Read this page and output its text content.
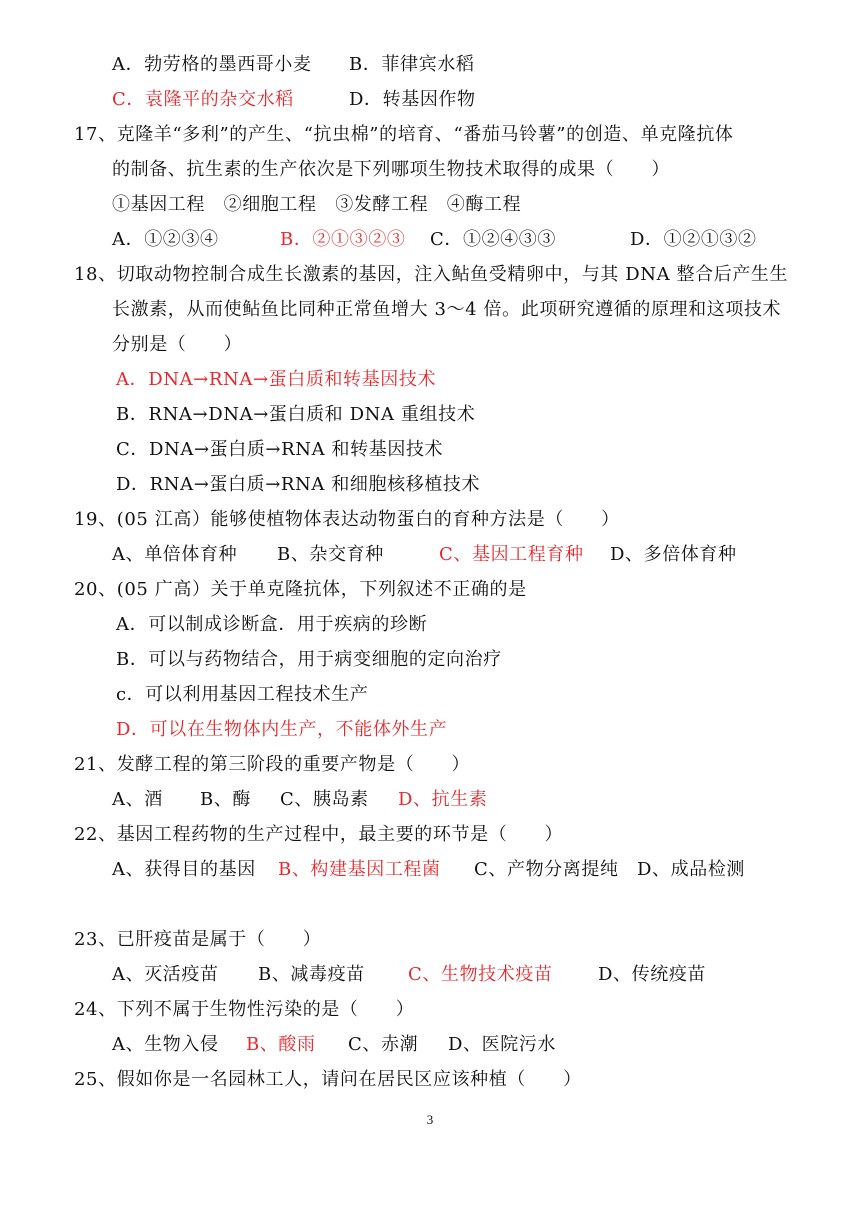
A．勃劳格的墨西哥小麦 B．菲律宾水稻
C．袁隆平的杂交水稻	D．转基因作物
17、克隆羊“多利”的产生、“抗虫棉”的培育、“番茄马铃薯”的创造、单克隆抗体
的制备、抗生素的生产依次是下列哪项生物技术取得的成果（　　）
①基因工程　②细胞工程　③发酵工程　④酶工程
A．①②③④	B．②①③②③ C．①②④③③	D．①②①③②
18、切取动物控制合成生长激素的基因，注入鲇鱼受精卵中，与其 DNA 整合后产生生
长激素，从而使鲇鱼比同种正常鱼增大 3～4 倍。此项研究遵循的原理和这项技术
分别是（　　）
A．DNA→RNA→蛋白质和转基因技术
B．RNA→DNA→蛋白质和 DNA 重组技术
C．DNA→蛋白质→RNA 和转基因技术
D．RNA→蛋白质→RNA 和细胞核移植技术
19、(05 江高）能够使植物体表达动物蛋白的育种方法是（　　）
A、单倍体育种 B、杂交育种	C、基因工程育种 D、多倍体育种
20、(05 广高）关于单克隆抗体，下列叙述不正确的是
A．可以制成诊断盒．用于疾病的珍断
B．可以与药物结合，用于病变细胞的定向治疗
c．可以利用基因工程技术生产
D．可以在生物体内生产，不能体外生产
21、发酵工程的第三阶段的重要产物是（　　）
A、酒 B、酶 C、胰岛素 D、抗生素
22、基因工程药物的生产过程中，最主要的环节是（　　）
A、获得目的基因 B、构建基因工程菌 C、产物分离提纯 D、成品检测
23、已肝疫苗是属于（　　）
A、灭活疫苗 B、减毒疫苗 C、生物技术疫苗	D、传统疫苗
24、下列不属于生物性污染的是（　　）
A、生物入侵 B、酸雨 C、赤潮 D、医院污水
25、假如你是一名园林工人，请问在居民区应该种植（　　）
3
